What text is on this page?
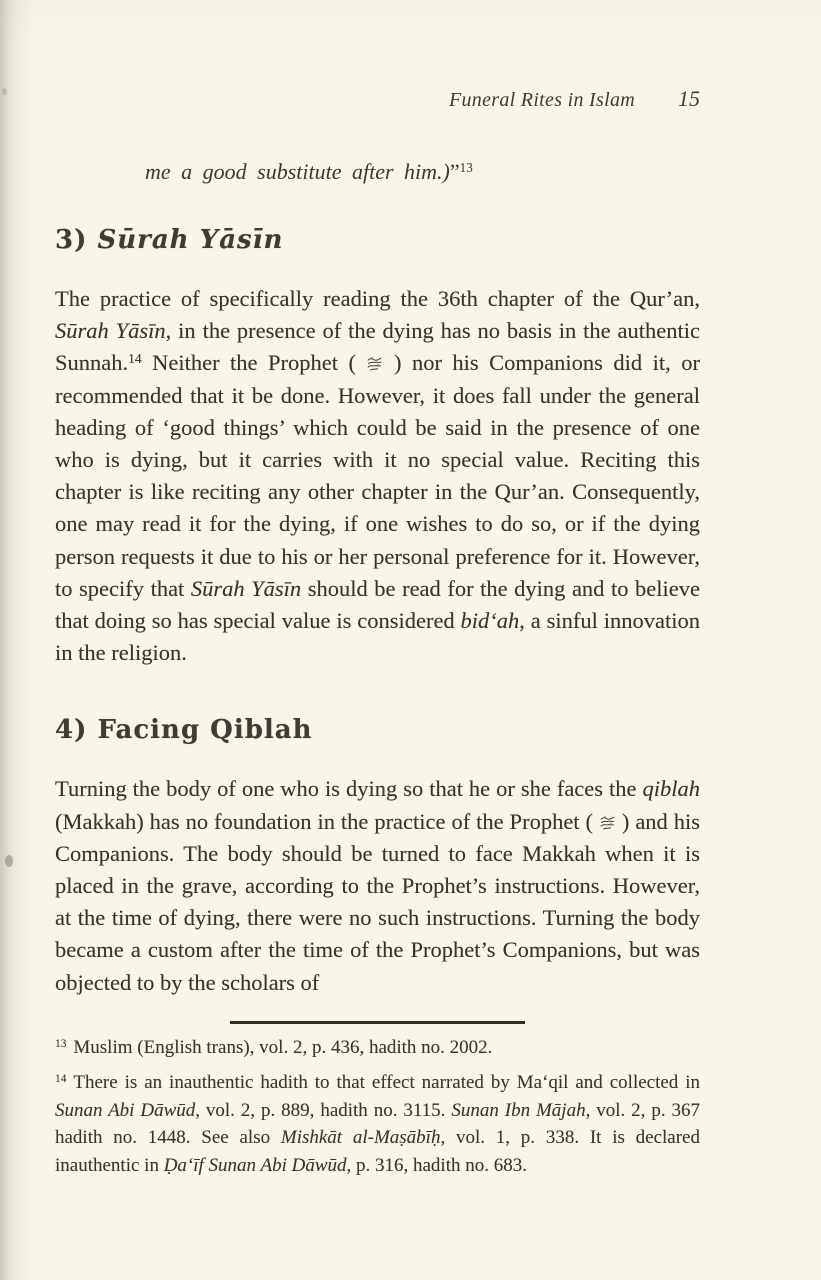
Funeral Rites in Islam 15
me a good substitute after him.)”$^{13}$
3) Sūrah Yāsīn

The practice of specifically reading the 36th chapter of the Qur’an, Sūrah Yāsīn, in the presence of the dying has no basis in the authentic Sunnah.$^{14}$ Neither the Prophet ( ) nor his Companions did it, or recommended that it be done. However, it does fall under the general heading of ‘good things’ which could be said in the presence of one who is dying, but it carries with it no special value. Reciting this chapter is like reciting any other chapter in the Qur’an. Consequently, one may read it for the dying, if one wishes to do so, or if the dying person requests it due to his or her personal preference for it. However, to specify that Sūrah Yāsīn should be read for the dying and to believe that doing so has special value is considered bid‘ah, a sinful innovation in the religion.

4) Facing Qiblah

Turning the body of one who is dying so that he or she faces the qiblah (Makkah) has no foundation in the practice of the Prophet ( ) and his Companions. The body should be turned to face Makkah when it is placed in the grave, according to the Prophet’s instructions. However, at the time of dying, there were no such instructions. Turning the body became a custom after the time of the Prophet’s Companions, but was objected to by the scholars of

$^{13}$ Muslim (English trans), vol. 2, p. 436, hadith no. 2002.

$^{14}$ There is an inauthentic hadith to that effect narrated by Ma‘qil and collected in Sunan Abi Dāwūd, vol. 2, p. 889, hadith no. 3115. Sunan Ibn Mājah, vol. 2, p. 367 hadith no. 1448. See also Mishkāt al-Maṣābīḥ, vol. 1, p. 338. It is declared inauthentic in Ḍa‘īf Sunan Abi Dāwūd, p. 316, hadith no. 683.
